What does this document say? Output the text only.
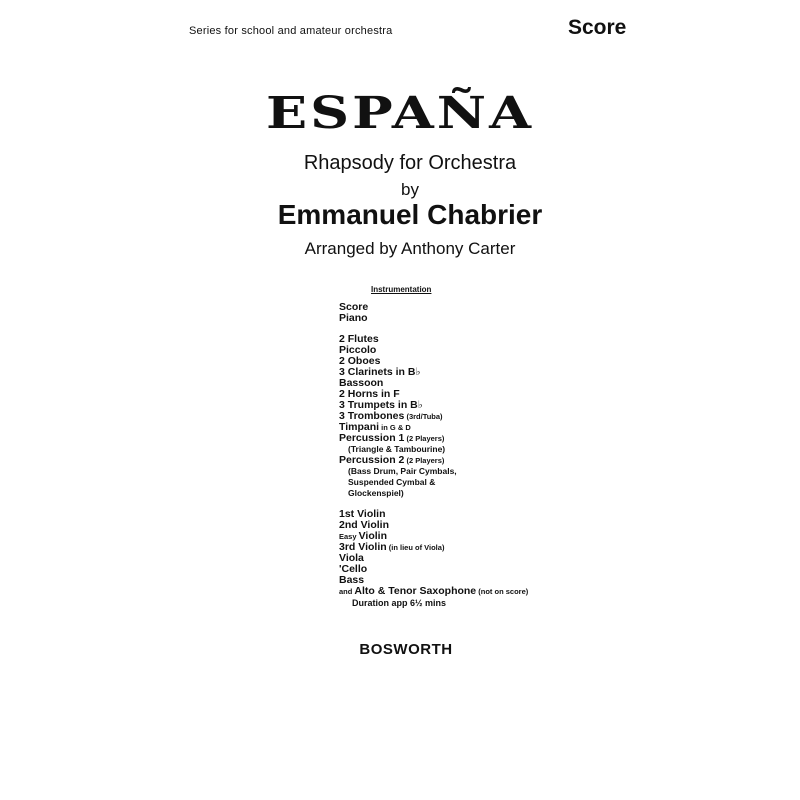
Series for school and amateur orchestra	Score
ESPAÑA
Rhapsody for Orchestra
by
Emmanuel Chabrier
Arranged by Anthony Carter
Instrumentation
Score
Piano
2 Flutes
Piccolo
2 Oboes
3 Clarinets in B♭
Bassoon
2 Horns in F
3 Trumpets in B♭
3 Trombones (3rd/Tuba)
Timpani in G & D
Percussion 1 (2 Players)
(Triangle & Tambourine)
Percussion 2 (2 Players)
(Bass Drum, Pair Cymbals,
Suspended Cymbal &
Glockenspiel)
1st Violin
2nd Violin
Easy Violin
3rd Violin (in lieu of Viola)
Viola
'Cello
Bass
and Alto & Tenor Saxophone (not on score)
Duration app 6½ mins
BOSWORTH
